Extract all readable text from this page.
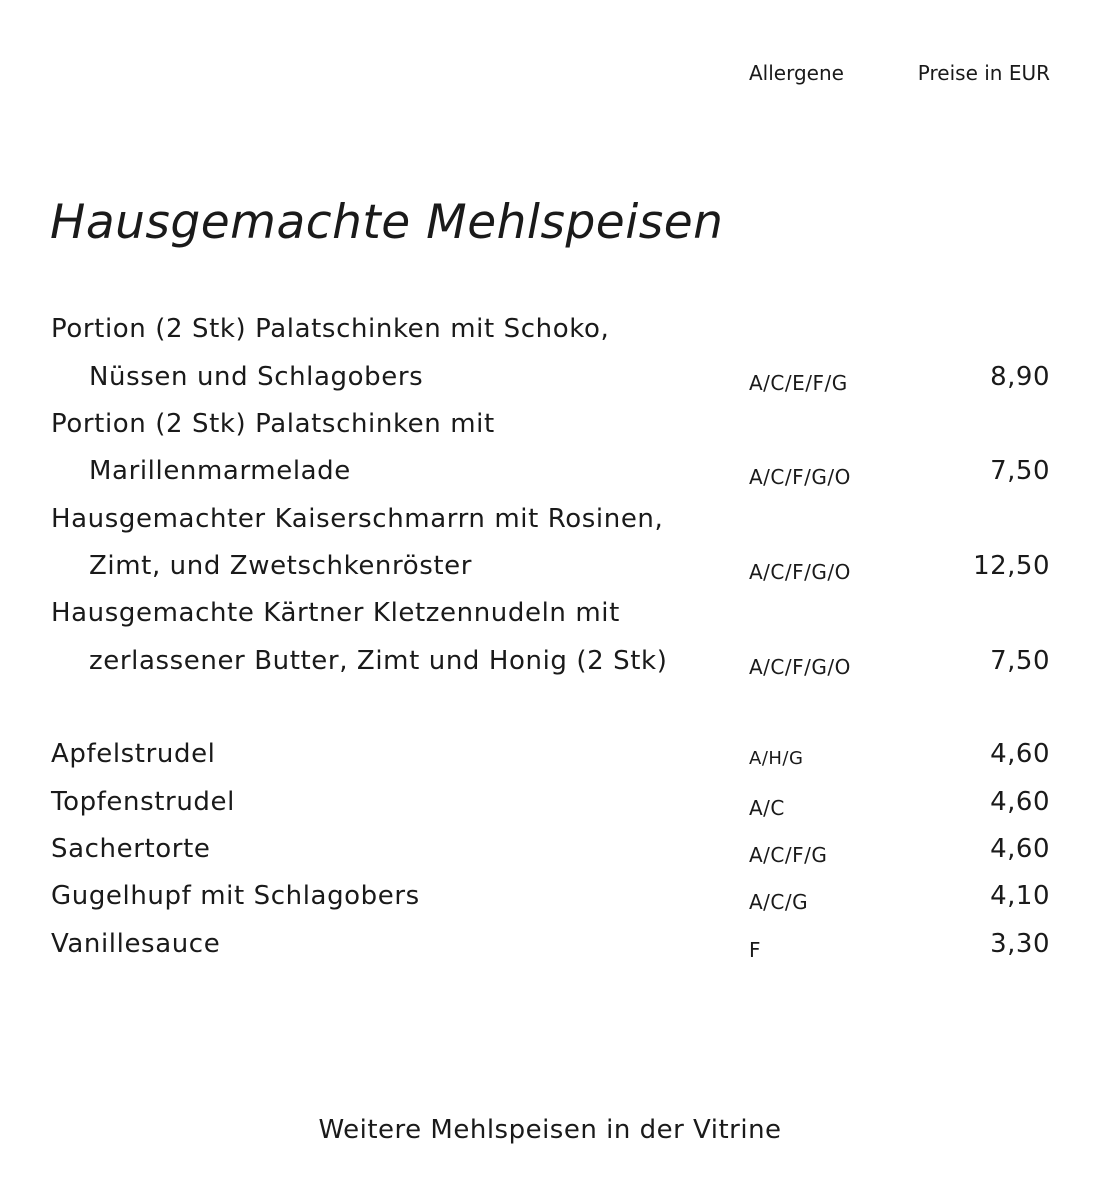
Allergene	Preise in EUR
Hausgemachte Mehlspeisen
Portion (2 Stk) Palatschinken mit Schoko,
Nüssen und Schlagobers	A/C/E/F/G	8,90
Portion (2 Stk) Palatschinken mit
Marillenmarmelade	A/C/F/G/O	7,50
Hausgemachter Kaiserschmarrn mit Rosinen,
Zimt, und Zwetschkenröster	A/C/F/G/O	12,50
Hausgemachte Kärtner Kletzennudeln mit
zerlassener Butter, Zimt und Honig (2 Stk)	A/C/F/G/O	7,50
Apfelstrudel	A/H/G	4,60
Topfenstrudel	A/C	4,60
Sachertorte	A/C/F/G	4,60
Gugelhupf mit Schlagobers	A/C/G	4,10
Vanillesauce	F	3,30
Weitere Mehlspeisen in der Vitrine
